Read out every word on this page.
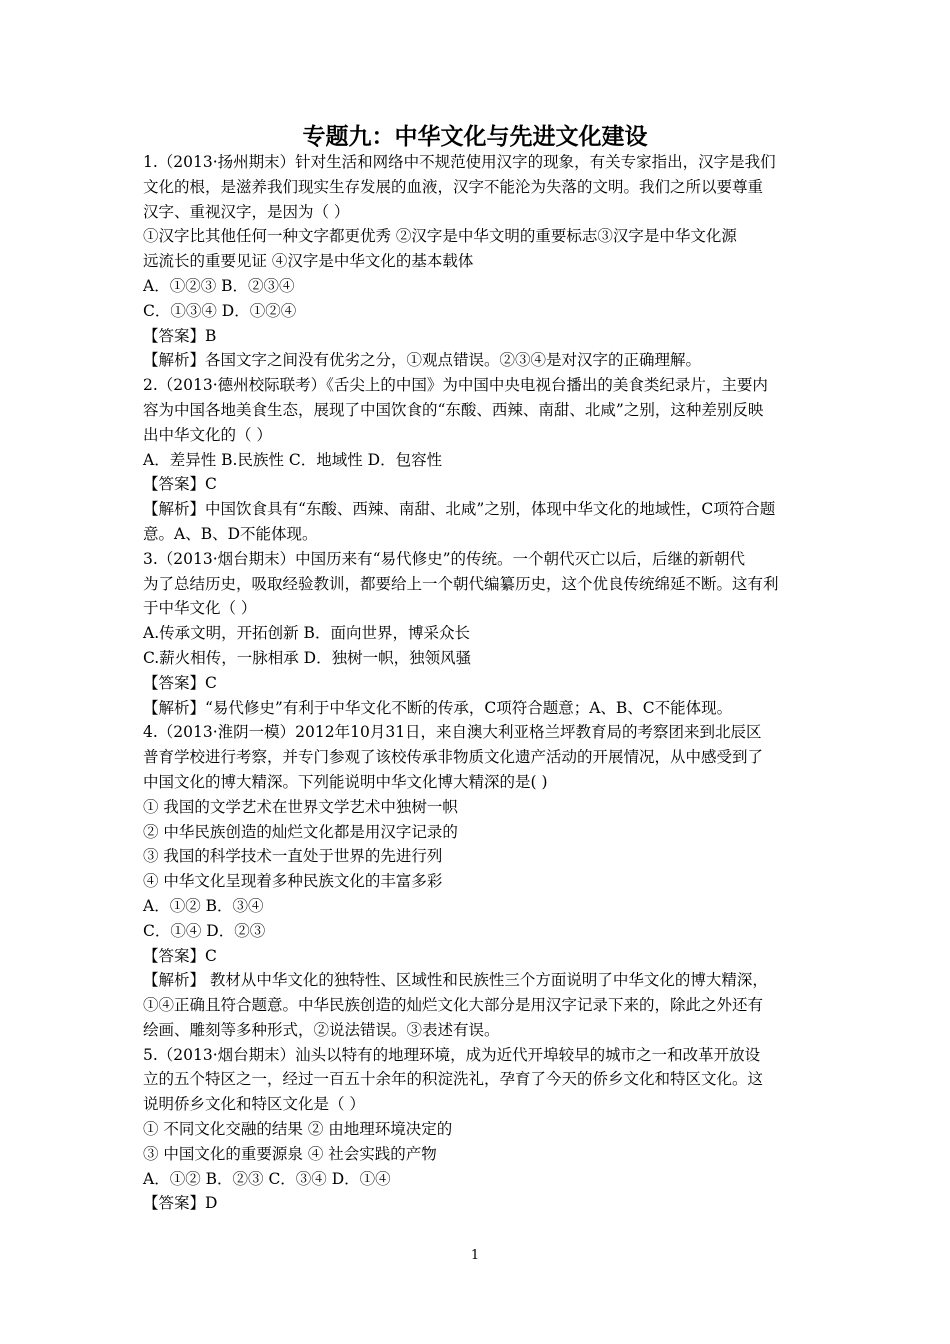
专题九：中华文化与先进文化建设
1.（2013·扬州期末）针对生活和网络中不规范使用汉字的现象，有关专家指出，汉字是我们
文化的根，是滋养我们现实生存发展的血液，汉字不能沦为失落的文明。我们之所以要尊重
汉字、重视汉字，是因为（ ）
①汉字比其他任何一种文字都更优秀 ②汉字是中华文明的重要标志③汉字是中华文化源
远流长的重要见证 ④汉字是中华文化的基本载体
A．①②③ B．②③④
C．①③④ D．①②④
【答案】B
【解析】各国文字之间没有优劣之分，①观点错误。②③④是对汉字的正确理解。
2.（2013·德州校际联考）《舌尖上的中国》为中国中央电视台播出的美食类纪录片，主要内
容为中国各地美食生态，展现了中国饮食的“东酸、西辣、南甜、北咸”之别，这种差别反映
出中华文化的（ ）
A．差异性 B.民族性 C．地域性 D．包容性
【答案】C
【解析】中国饮食具有“东酸、西辣、南甜、北咸”之别，体现中华文化的地域性，C项符合题
意。A、B、D不能体现。
3.（2013·烟台期末）中国历来有“易代修史”的传统。一个朝代灭亡以后，后继的新朝代
为了总结历史，吸取经验教训，都要给上一个朝代编纂历史，这个优良传统绵延不断。这有利
于中华文化（ ）
A.传承文明，开拓创新 B．面向世界，博采众长
C.薪火相传，一脉相承 D．独树一帜，独领风骚
【答案】C
【解析】“易代修史”有利于中华文化不断的传承，C项符合题意；A、B、C不能体现。
4.（2013·淮阴一模）2012年10月31日，来自澳大利亚格兰坪教育局的考察团来到北辰区
普育学校进行考察，并专门参观了该校传承非物质文化遗产活动的开展情况，从中感受到了
中国文化的博大精深。下列能说明中华文化博大精深的是( )
① 我国的文学艺术在世界文学艺术中独树一帜
② 中华民族创造的灿烂文化都是用汉字记录的
③ 我国的科学技术一直处于世界的先进行列
④ 中华文化呈现着多种民族文化的丰富多彩
A．①② B．③④
C．①④ D．②③
【答案】C
【解析】 教材从中华文化的独特性、区域性和民族性三个方面说明了中华文化的博大精深，
①④正确且符合题意。中华民族创造的灿烂文化大部分是用汉字记录下来的，除此之外还有
绘画、雕刻等多种形式，②说法错误。③表述有误。
5.（2013·烟台期末）汕头以特有的地理环境，成为近代开埠较早的城市之一和改革开放设
立的五个特区之一，经过一百五十余年的积淀洗礼，孕育了今天的侨乡文化和特区文化。这
说明侨乡文化和特区文化是（ ）
① 不同文化交融的结果 ② 由地理环境决定的
③ 中国文化的重要源泉 ④ 社会实践的产物
A．①② B．②③ C．③④ D．①④
【答案】D
1
